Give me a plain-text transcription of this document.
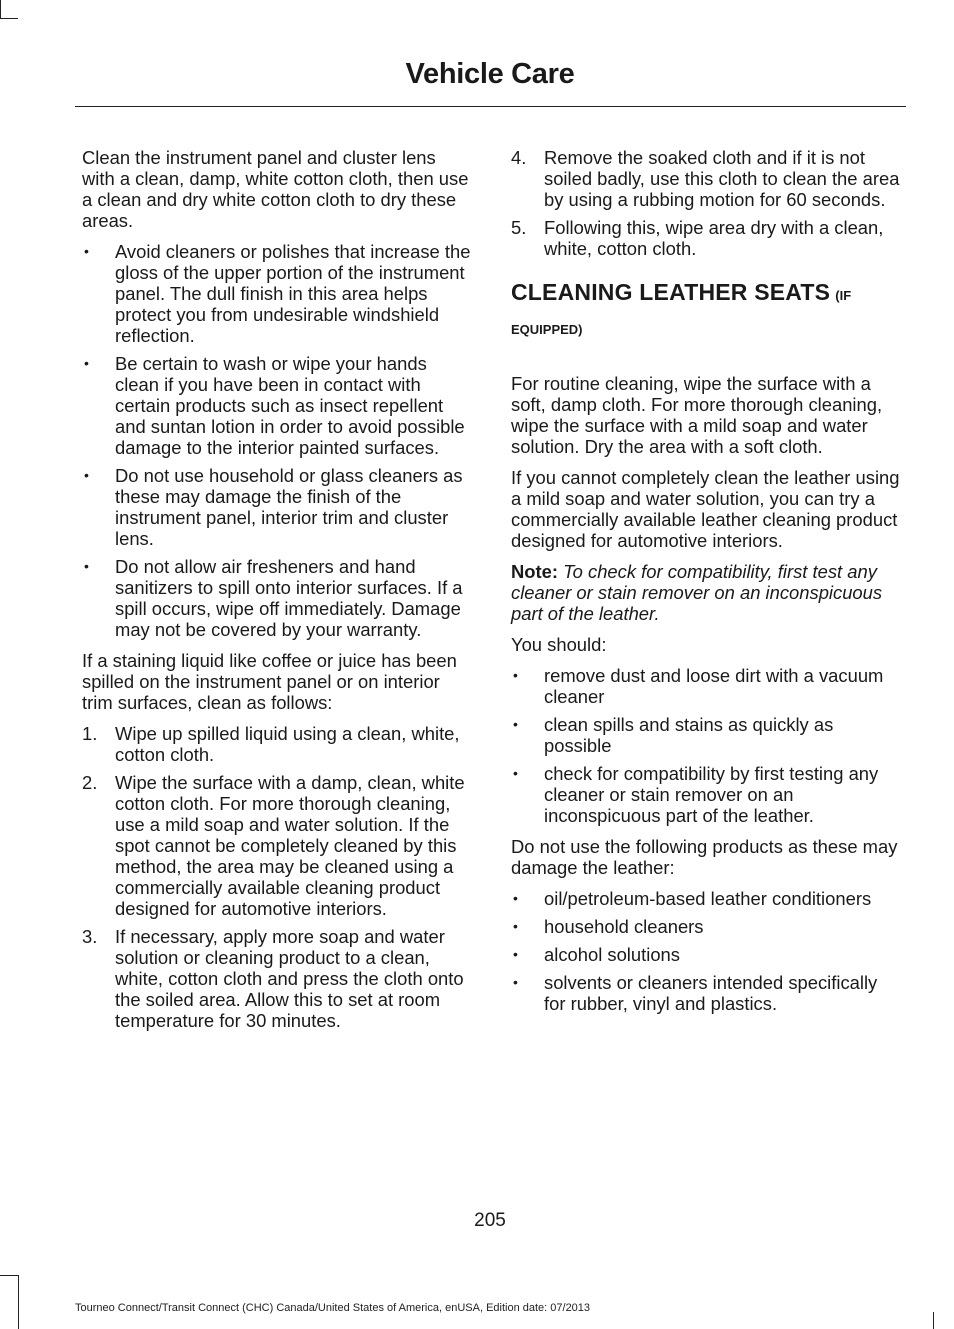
Vehicle Care

Clean the instrument panel and cluster lens with a clean, damp, white cotton cloth, then use a clean and dry white cotton cloth to dry these areas.

• Avoid cleaners or polishes that increase the gloss of the upper portion of the instrument panel. The dull finish in this area helps protect you from undesirable windshield reflection.
• Be certain to wash or wipe your hands clean if you have been in contact with certain products such as insect repellent and suntan lotion in order to avoid possible damage to the interior painted surfaces.
• Do not use household or glass cleaners as these may damage the finish of the instrument panel, interior trim and cluster lens.
• Do not allow air fresheners and hand sanitizers to spill onto interior surfaces. If a spill occurs, wipe off immediately. Damage may not be covered by your warranty.

If a staining liquid like coffee or juice has been spilled on the instrument panel or on interior trim surfaces, clean as follows:

1. Wipe up spilled liquid using a clean, white, cotton cloth.
2. Wipe the surface with a damp, clean, white cotton cloth. For more thorough cleaning, use a mild soap and water solution. If the spot cannot be completely cleaned by this method, the area may be cleaned using a commercially available cleaning product designed for automotive interiors.
3. If necessary, apply more soap and water solution or cleaning product to a clean, white, cotton cloth and press the cloth onto the soiled area. Allow this to set at room temperature for 30 minutes.
4. Remove the soaked cloth and if it is not soiled badly, use this cloth to clean the area by using a rubbing motion for 60 seconds.
5. Following this, wipe area dry with a clean, white, cotton cloth.
CLEANING LEATHER SEATS (IF EQUIPPED)

For routine cleaning, wipe the surface with a soft, damp cloth. For more thorough cleaning, wipe the surface with a mild soap and water solution. Dry the area with a soft cloth.

If you cannot completely clean the leather using a mild soap and water solution, you can try a commercially available leather cleaning product designed for automotive interiors.

Note: To check for compatibility, first test any cleaner or stain remover on an inconspicuous part of the leather.

You should:

• remove dust and loose dirt with a vacuum cleaner
• clean spills and stains as quickly as possible
• check for compatibility by first testing any cleaner or stain remover on an inconspicuous part of the leather.

Do not use the following products as these may damage the leather:

• oil/petroleum-based leather conditioners
• household cleaners
• alcohol solutions
• solvents or cleaners intended specifically for rubber, vinyl and plastics.
205
Tourneo Connect/Transit Connect (CHC) Canada/United States of America, enUSA, Edition date: 07/2013
